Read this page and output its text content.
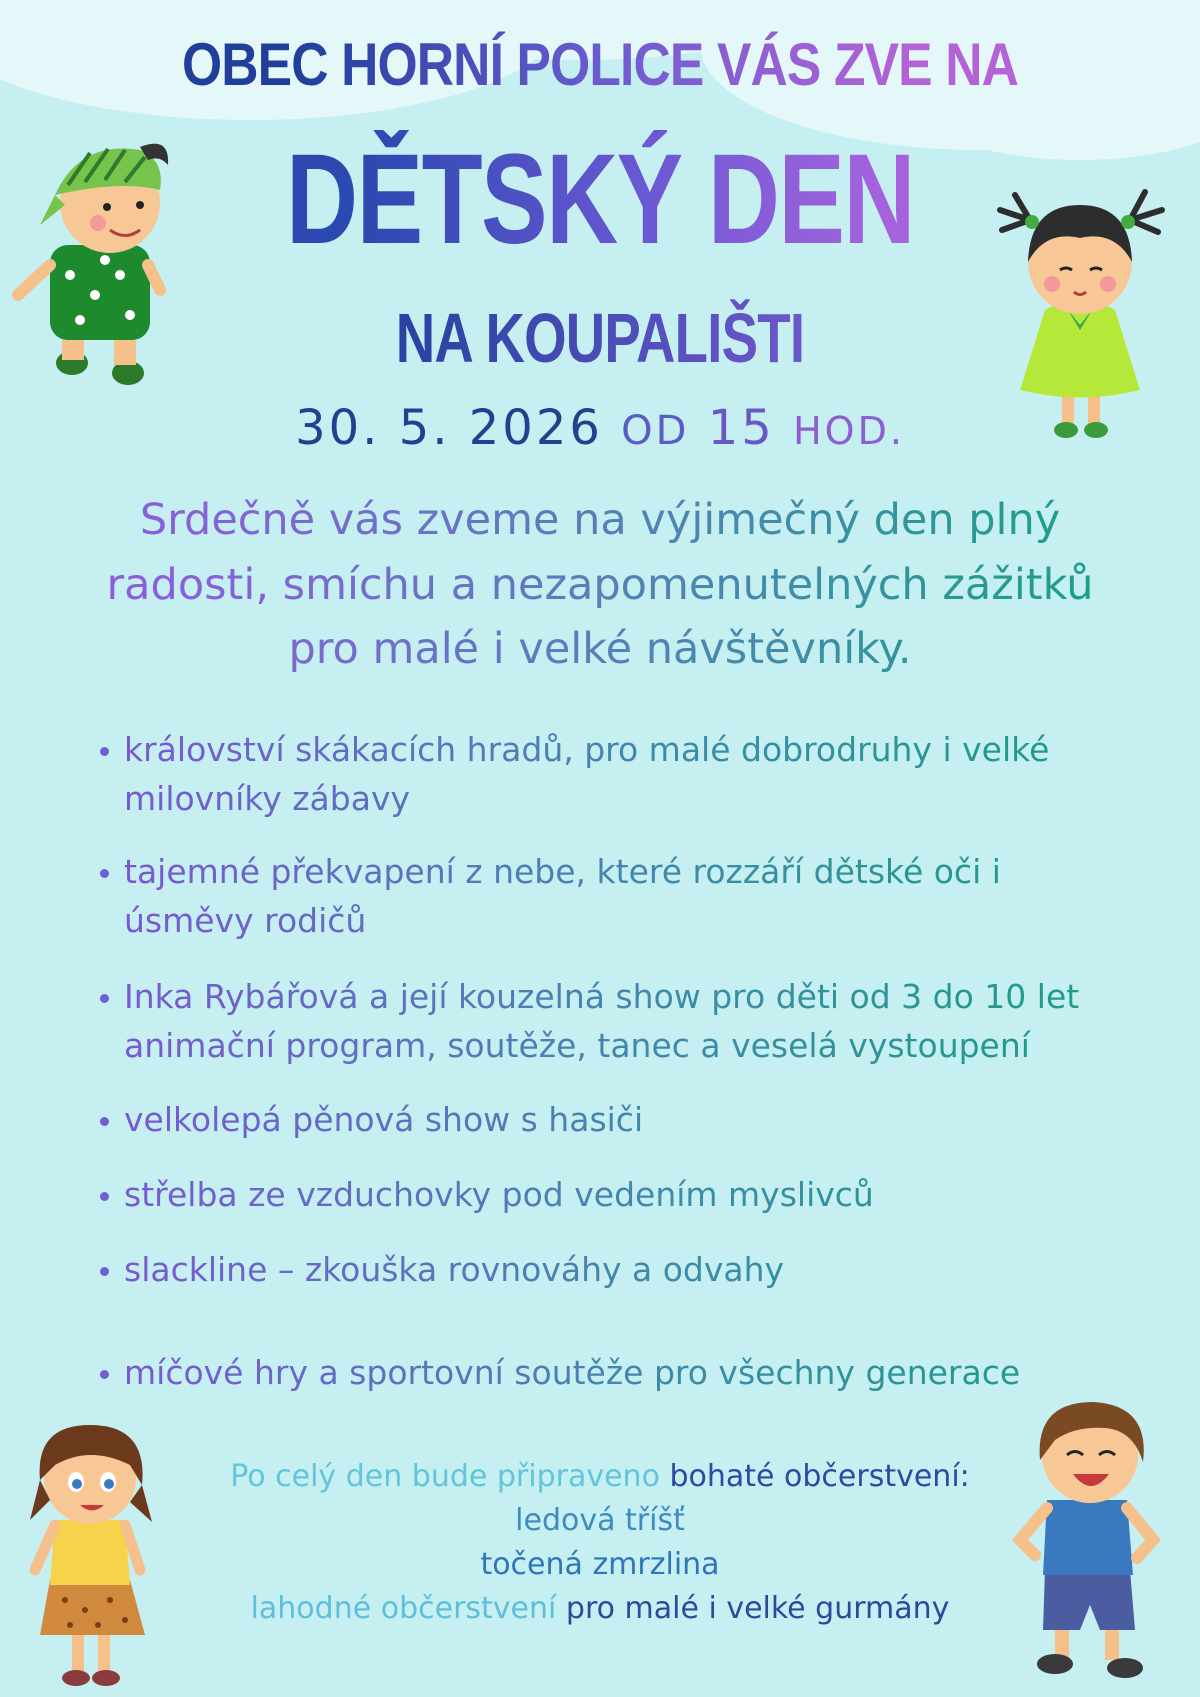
OBEC HORNÍ POLICE VÁS ZVE NA
DĚTSKÝ DEN
NA KOUPALIŠTI
30. 5. 2026 OD 15 HOD.
Srdečně vás zveme na výjimečný den plný
radosti, smíchu a nezapomenutelných zážitků
pro malé i velké návštěvníky.
království skákacích hradů, pro malé dobrodruhy i velké
milovníky zábavy
tajemné překvapení z nebe, které rozzáří dětské oči i
úsměvy rodičů
Inka Rybářová a její kouzelná show pro děti od 3 do 10 let
animační program, soutěže, tanec a veselá vystoupení
velkolepá pěnová show s hasiči
střelba ze vzduchovky pod vedením myslivců
slackline – zkouška rovnováhy a odvahy
míčové hry a sportovní soutěže pro všechny generace
Po celý den bude připraveno bohaté občerstvení:
ledová tříšť
točená zmrzlina
lahodné občerstvení pro malé i velké gurmány
